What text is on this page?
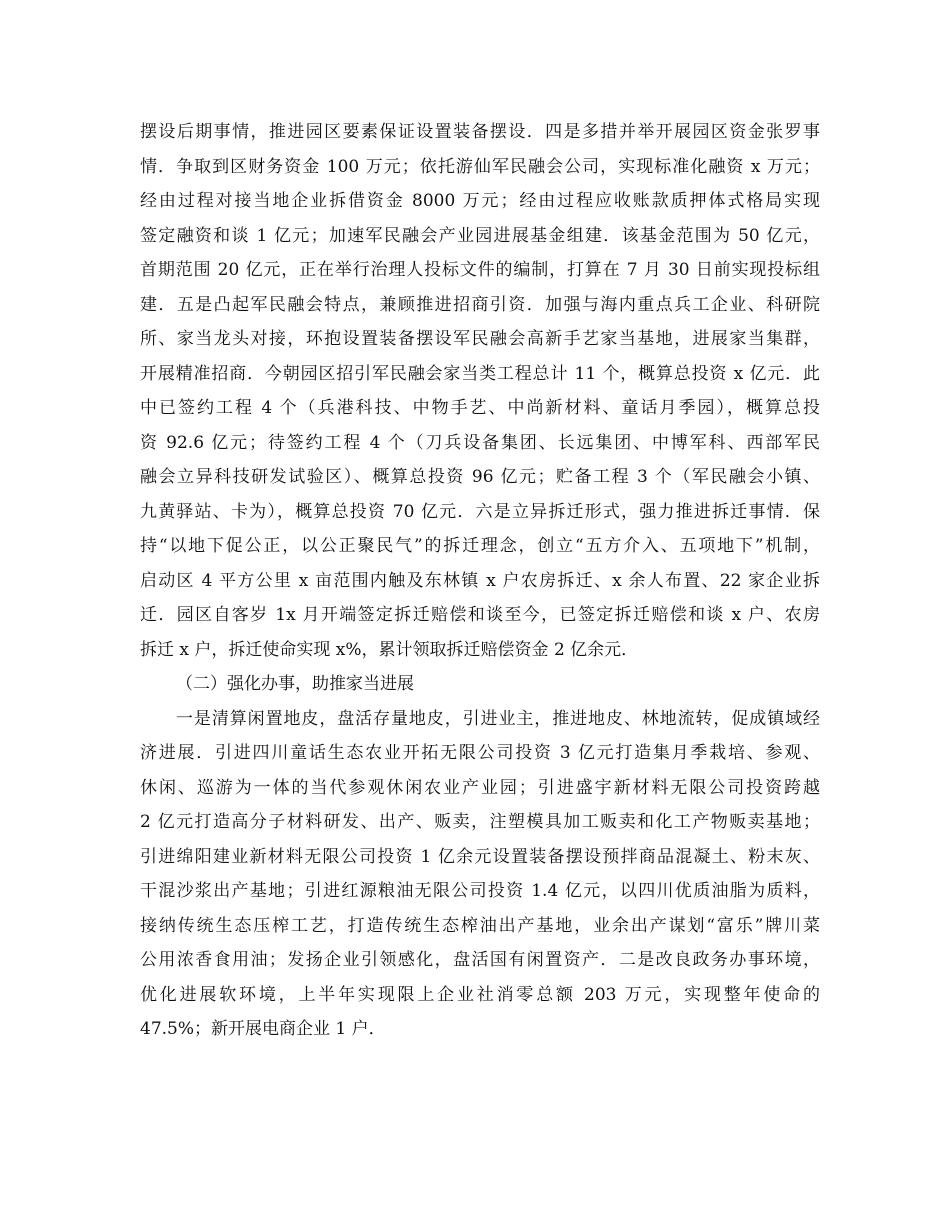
摆设后期事情，推进园区要素保证设置装备摆设．四是多措并举开展园区资金张罗事
情．争取到区财务资金 100 万元；依托游仙军民融会公司，实现标准化融资 x 万元；
经由过程对接当地企业拆借资金 8000 万元；经由过程应收账款质押体式格局实现
签定融资和谈 1 亿元；加速军民融会产业园进展基金组建．该基金范围为 50 亿元，
首期范围 20 亿元，正在举行治理人投标文件的编制，打算在 7 月 30 日前实现投标组
建．五是凸起军民融会特点，兼顾推进招商引资．加强与海内重点兵工企业、科研院
所、家当龙头对接，环抱设置装备摆设军民融会高新手艺家当基地，进展家当集群，
开展精准招商．今朝园区招引军民融会家当类工程总计 11 个，概算总投资 x 亿元．此
中已签约工程 4 个（兵港科技、中物手艺、中尚新材料、童话月季园），概算总投
资 92.6 亿元；待签约工程 4 个（刀兵设备集团、长远集团、中博军科、西部军民
融会立异科技研发试验区）、概算总投资 96 亿元；贮备工程 3 个（军民融会小镇、
九黄驿站、卡为），概算总投资 70 亿元．六是立异拆迁形式，强力推进拆迁事情．保
持“以地下促公正，以公正聚民气”的拆迁理念，创立“五方介入、五项地下”机制，
启动区 4 平方公里 x 亩范围内触及东林镇 x 户农房拆迁、x 余人布置、22 家企业拆
迁．园区自客岁 1x 月开端签定拆迁赔偿和谈至今，已签定拆迁赔偿和谈 x 户、农房
拆迁 x 户，拆迁使命实现 x%，累计领取拆迁赔偿资金 2 亿余元．
（二）强化办事，助推家当进展
一是清算闲置地皮，盘活存量地皮，引进业主，推进地皮、林地流转，促成镇域经
济进展．引进四川童话生态农业开拓无限公司投资 3 亿元打造集月季栽培、参观、
休闲、巡游为一体的当代参观休闲农业产业园；引进盛宇新材料无限公司投资跨越
2 亿元打造高分子材料研发、出产、贩卖，注塑模具加工贩卖和化工产物贩卖基地；
引进绵阳建业新材料无限公司投资 1 亿余元设置装备摆设预拌商品混凝土、粉末灰、
干混沙浆出产基地；引进红源粮油无限公司投资 1.4 亿元，以四川优质油脂为质料，
接纳传统生态压榨工艺，打造传统生态榨油出产基地，业余出产谋划“富乐”牌川菜
公用浓香食用油；发扬企业引领感化，盘活国有闲置资产．二是改良政务办事环境，
优化进展软环境，上半年实现限上企业社消零总额 203 万元，实现整年使命的
47.5%；新开展电商企业 1 户．
